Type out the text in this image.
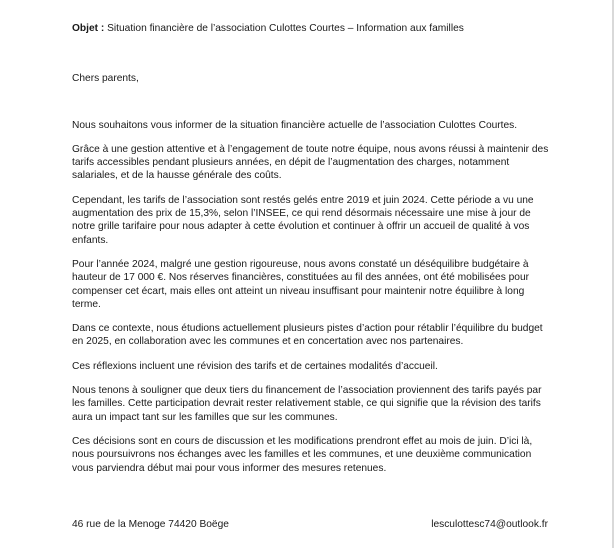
Objet : Situation financière de l’association Culottes Courtes – Information aux familles

Chers parents,

Nous souhaitons vous informer de la situation financière actuelle de l’association Culottes Courtes.

Grâce à une gestion attentive et à l’engagement de toute notre équipe, nous avons réussi à maintenir des tarifs accessibles pendant plusieurs années, en dépit de l’augmentation des charges, notamment salariales, et de la hausse générale des coûts.

Cependant, les tarifs de l’association sont restés gelés entre 2019 et juin 2024. Cette période a vu une augmentation des prix de 15,3%, selon l’INSEE, ce qui rend désormais nécessaire une mise à jour de notre grille tarifaire pour nous adapter à cette évolution et continuer à offrir un accueil de qualité à vos enfants.

Pour l’année 2024, malgré une gestion rigoureuse, nous avons constaté un déséquilibre budgétaire à hauteur de 17 000 €. Nos réserves financières, constituées au fil des années, ont été mobilisées pour compenser cet écart, mais elles ont atteint un niveau insuffisant pour maintenir notre équilibre à long terme.

Dans ce contexte, nous étudions actuellement plusieurs pistes d’action pour rétablir l’équilibre du budget en 2025, en collaboration avec les communes et en concertation avec nos partenaires.

Ces réflexions incluent une révision des tarifs et de certaines modalités d’accueil.

Nous tenons à souligner que deux tiers du financement de l’association proviennent des tarifs payés par les familles. Cette participation devrait rester relativement stable, ce qui signifie que la révision des tarifs aura un impact tant sur les familles que sur les communes.

Ces décisions sont en cours de discussion et les modifications prendront effet au mois de juin. D’ici là, nous poursuivrons nos échanges avec les familles et les communes, et une deuxième communication vous parviendra début mai pour vous informer des mesures retenues.

46 rue de la Menoge 74420 Boëge	lesculottesc74@outlook.fr
